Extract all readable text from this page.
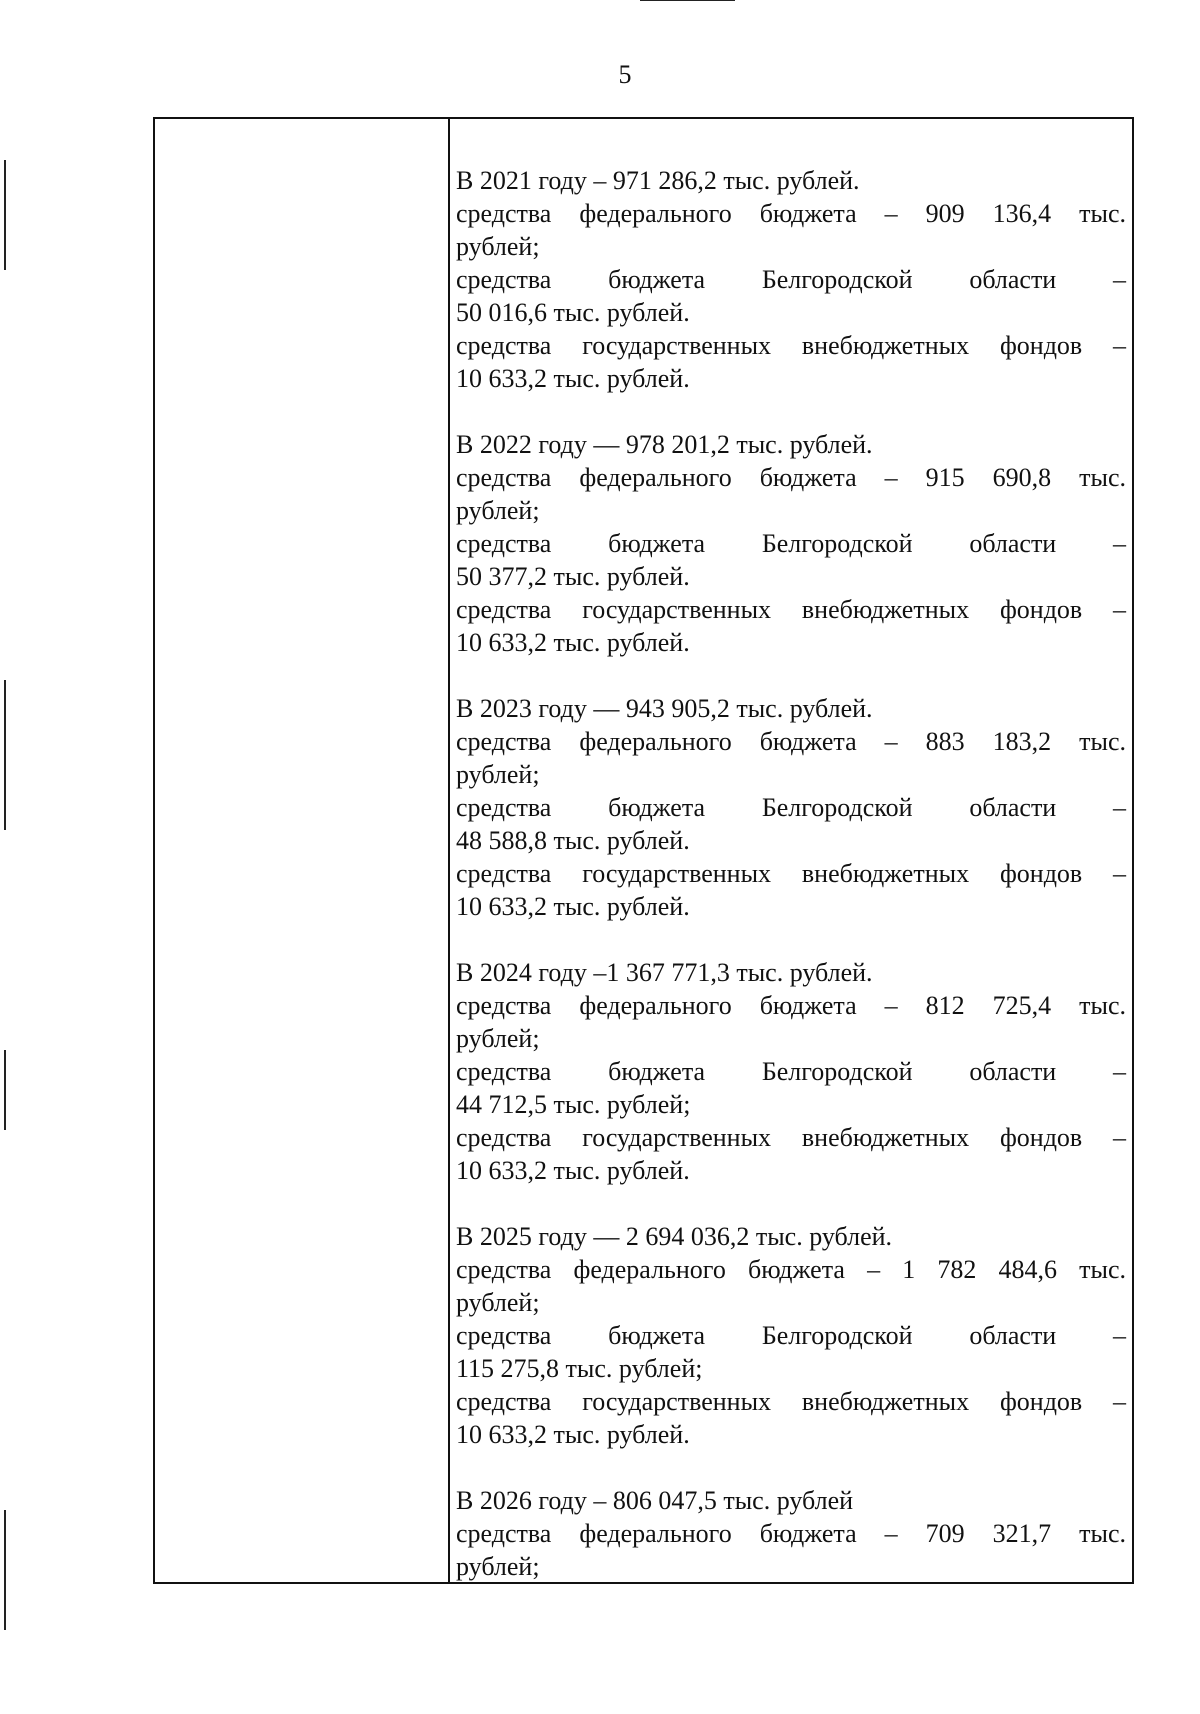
5
В 2021 году – 971 286,2 тыс. рублей.
средства федерального бюджета – 909 136,4 тыс.
рублей;
средства бюджета Белгородской области –
50 016,6 тыс. рублей.
средства государственных внебюджетных фондов –
10 633,2 тыс. рублей.
В 2022 году — 978 201,2 тыс. рублей.
средства федерального бюджета – 915 690,8 тыс.
рублей;
средства бюджета Белгородской области –
50 377,2 тыс. рублей.
средства государственных внебюджетных фондов –
10 633,2 тыс. рублей.
В 2023 году — 943 905,2 тыс. рублей.
средства федерального бюджета – 883 183,2 тыс.
рублей;
средства бюджета Белгородской области –
48 588,8 тыс. рублей.
средства государственных внебюджетных фондов –
10 633,2 тыс. рублей.
В 2024 году –1 367 771,3 тыс. рублей.
средства федерального бюджета – 812 725,4 тыс.
рублей;
средства бюджета Белгородской области –
44 712,5 тыс. рублей;
средства государственных внебюджетных фондов –
10 633,2 тыс. рублей.
В 2025 году — 2 694 036,2 тыс. рублей.
средства федерального бюджета – 1 782 484,6 тыс.
рублей;
средства бюджета Белгородской области –
115 275,8 тыс. рублей;
средства государственных внебюджетных фондов –
10 633,2 тыс. рублей.
В 2026 году – 806 047,5 тыс. рублей
средства федерального бюджета – 709 321,7 тыс.
рублей;
